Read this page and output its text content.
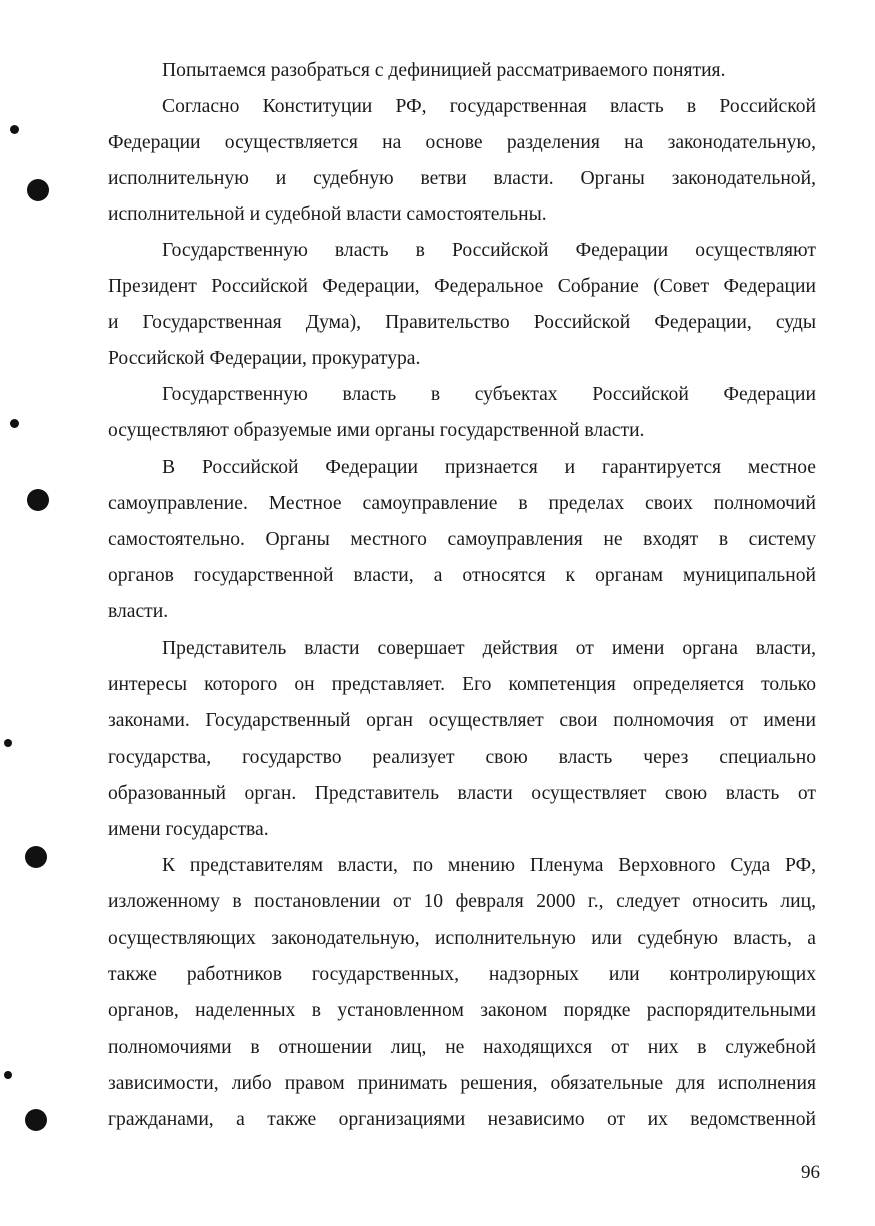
Попытаемся разобраться с дефиницией рассматриваемого понятия.
Согласно Конституции РФ, государственная власть в Российской
Федерации осуществляется на основе разделения на законодательную,
исполнительную и судебную ветви власти. Органы законодательной,
исполнительной и судебной власти самостоятельны.
Государственную власть в Российской Федерации осуществляют
Президент Российской Федерации, Федеральное Собрание (Совет Федерации
и Государственная Дума), Правительство Российской Федерации, суды
Российской Федерации, прокуратура.
Государственную власть в субъектах Российской Федерации
осуществляют образуемые ими органы государственной власти.
В Российской Федерации признается и гарантируется местное
самоуправление. Местное самоуправление в пределах своих полномочий
самостоятельно. Органы местного самоуправления не входят в систему
органов государственной власти, а относятся к органам муниципальной
власти.
Представитель власти совершает действия от имени органа власти,
интересы которого он представляет. Его компетенция определяется только
законами. Государственный орган осуществляет свои полномочия от имени
государства, государство реализует свою власть через специально
образованный орган. Представитель власти осуществляет свою власть от
имени государства.
К представителям власти, по мнению Пленума Верховного Суда РФ,
изложенному в постановлении от 10 февраля 2000 г., следует относить лиц,
осуществляющих законодательную, исполнительную или судебную власть, а
также работников государственных, надзорных или контролирующих
органов, наделенных в установленном законом порядке распорядительными
полномочиями в отношении лиц, не находящихся от них в служебной
зависимости, либо правом принимать решения, обязательные для исполнения
гражданами, а также организациями независимо от их ведомственной
96
